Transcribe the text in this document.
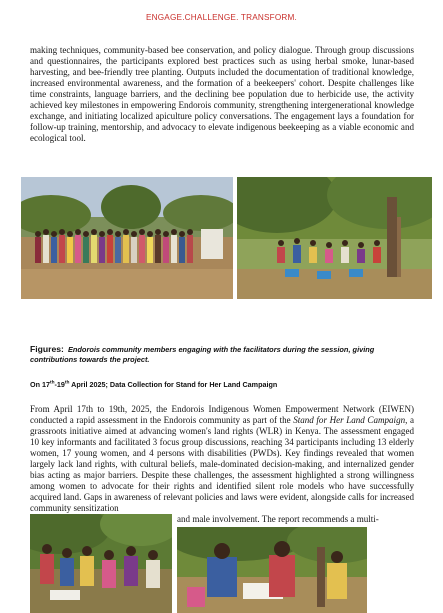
ENGAGE.CHALLENGE. TRANSFORM.

making techniques, community-based bee conservation, and policy dialogue. Through group discussions and questionnaires, the participants explored best practices such as using herbal smoke, lunar-based harvesting, and bee-friendly tree planting. Outputs included the documentation of traditional knowledge, increased environmental awareness, and the formation of a beekeepers' cohort. Despite challenges like time constraints, language barriers, and the declining bee population due to herbicide use, the activity achieved key milestones in empowering Endorois community, strengthening intergenerational knowledge exchange, and initiating localized apiculture policy conversations. The engagement lays a foundation for follow-up training, mentorship, and advocacy to elevate indigenous beekeeping as a viable economic and ecological tool.

Figures: Endorois community members engaging with the facilitators during the session, giving contributions towards the project.

On 17th-19th April 2025; Data Collection for Stand for Her Land Campaign

From April 17th to 19th, 2025, the Endorois Indigenous Women Empowerment Network (EIWEN) conducted a rapid assessment in the Endorois community as part of the Stand for Her Land Campaign, a grassroots initiative aimed at advancing women's land rights (WLR) in Kenya. The assessment engaged 10 key informants and facilitated 3 focus group discussions, reaching 34 participants including 13 elderly women, 17 young women, and 4 persons with disabilities (PWDs). Key findings revealed that women largely lack land rights, with cultural beliefs, male-dominated decision-making, and internalized gender bias acting as major barriers. Despite these challenges, the assessment highlighted a strong willingness among women to advocate for their rights and identified silent role models who have successfully acquired land. Gaps in awareness of relevant policies and laws were evident, alongside calls for increased community sensitization

and male involvement. The report recommends a multi-
